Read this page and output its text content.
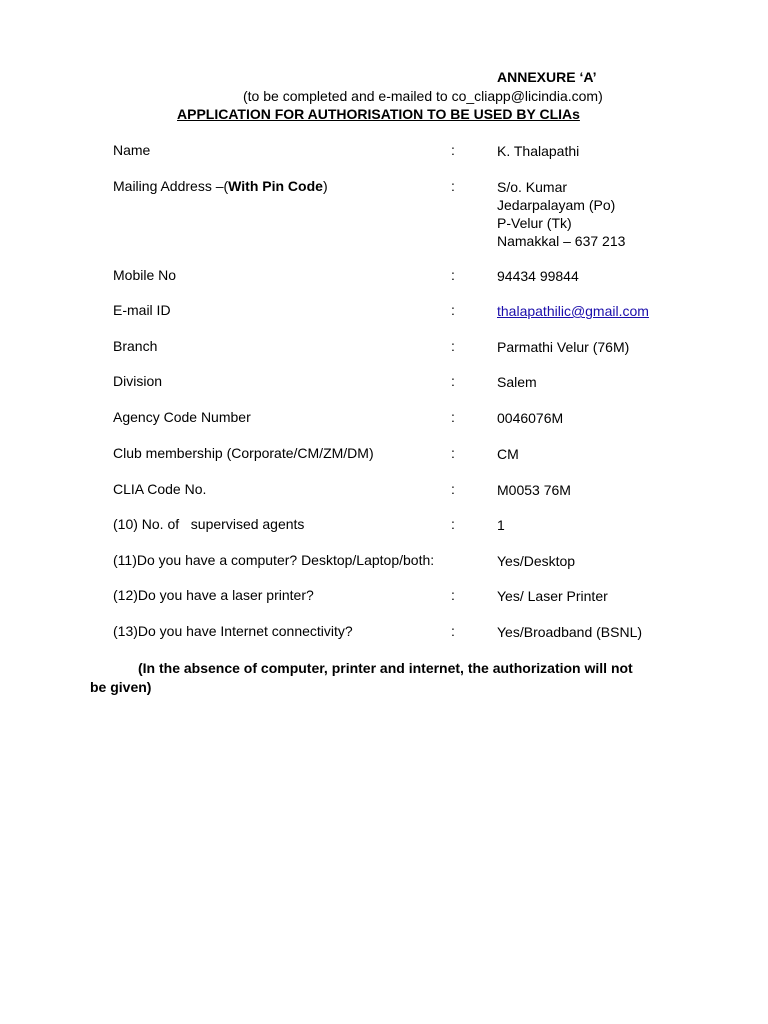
ANNEXURE ‘A’
(to be completed and e-mailed to co_cliapp@licindia.com)
APPLICATION FOR AUTHORISATION TO BE USED BY CLIAs
Name	:	K. Thalapathi
Mailing Address –(With Pin Code)	:	S/o. Kumar
Jedarpalayam (Po)
P-Velur (Tk)
Namakkal – 637 213
Mobile No	:	94434 99844
E-mail ID	:	thalapathilic@gmail.com
Branch	:	Parmathi Velur (76M)
Division	:	Salem
Agency Code Number	:	0046076M
Club membership (Corporate/CM/ZM/DM)	:	CM
CLIA Code No.	:	M0053 76M
(10) No. of   supervised agents	:	1
(11)Do you have a computer? Desktop/Laptop/both:	Yes/Desktop
(12)Do you have a laser printer?	:	Yes/ Laser Printer
(13)Do you have Internet connectivity?	:	Yes/Broadband (BSNL)
(In the absence of computer, printer and internet, the authorization will not
be given)
